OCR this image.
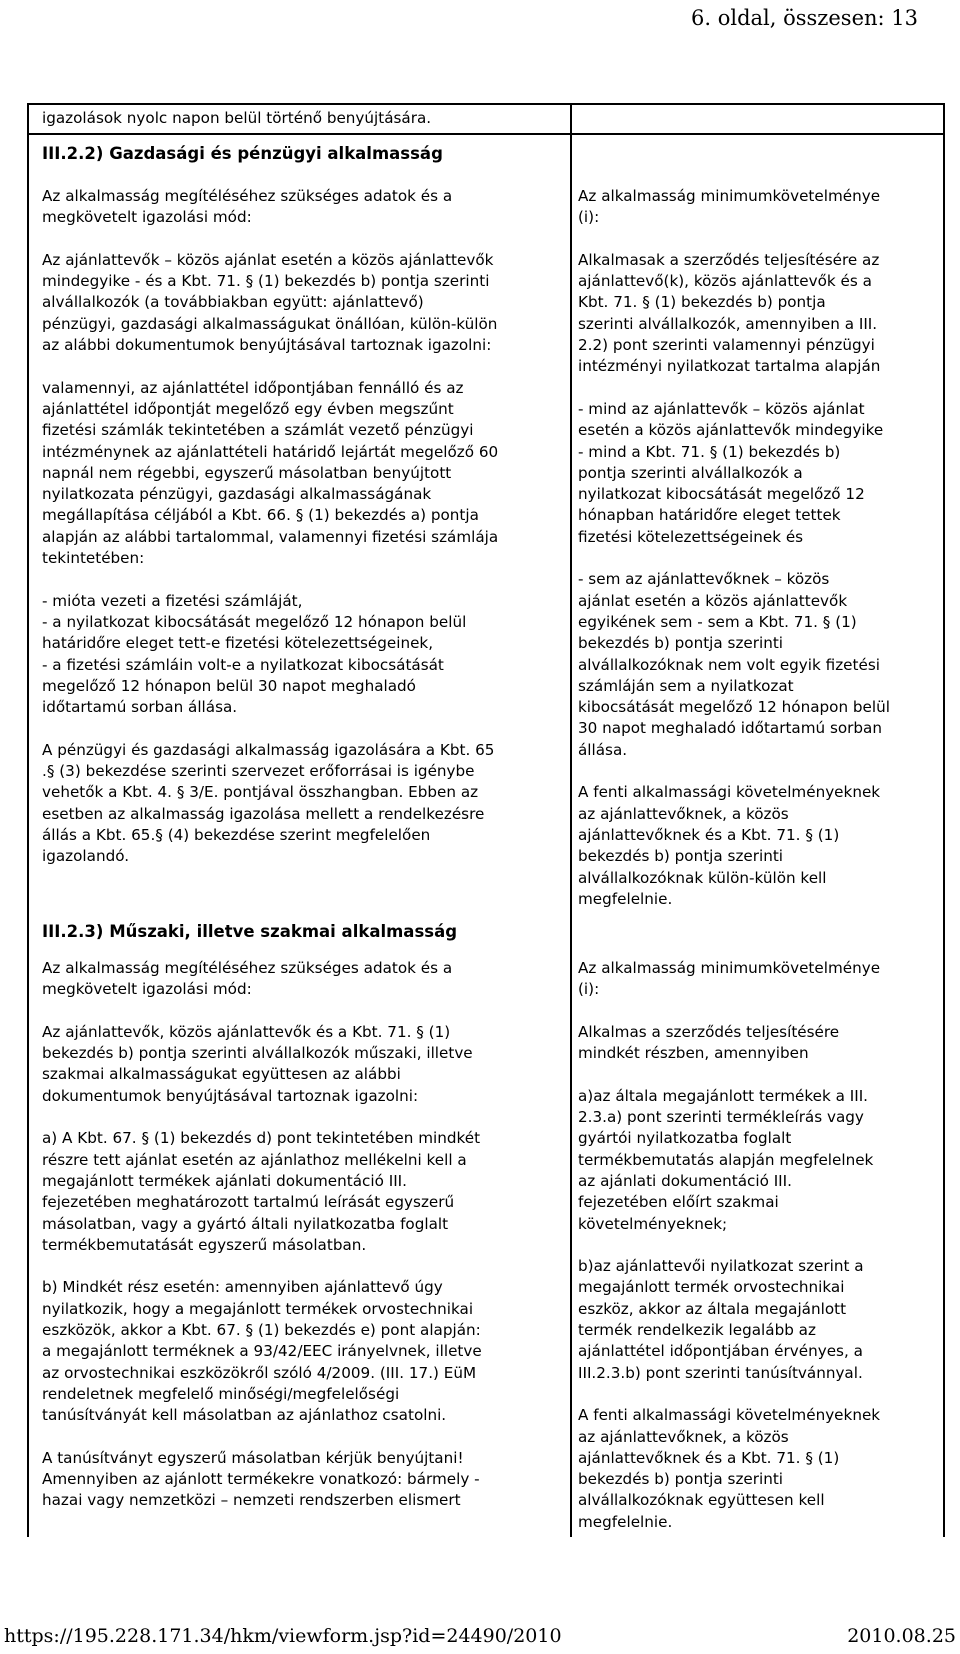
6. oldal, összesen: 13

igazolások nyolc napon belül történő benyújtására.

III.2.2) Gazdasági és pénzügyi alkalmasság

Az alkalmasság megítéléséhez szükséges adatok és a

megkövetelt igazolási mód:

Az ajánlattevők – közös ajánlat esetén a közös ajánlattevők

mindegyike - és a Kbt. 71. § (1) bekezdés b) pontja szerinti

alvállalkozók (a továbbiakban együtt: ajánlattevő)

pénzügyi, gazdasági alkalmasságukat önállóan, külön-külön

az alábbi dokumentumok benyújtásával tartoznak igazolni:

valamennyi, az ajánlattétel időpontjában fennálló és az

ajánlattétel időpontját megelőző egy évben megszűnt

fizetési számlák tekintetében a számlát vezető pénzügyi

intézménynek az ajánlattételi határidő lejártát megelőző 60

napnál nem régebbi, egyszerű másolatban benyújtott

nyilatkozata pénzügyi, gazdasági alkalmasságának

megállapítása céljából a Kbt. 66. § (1) bekezdés a) pontja

alapján az alábbi tartalommal, valamennyi fizetési számlája

tekintetében:

- mióta vezeti a fizetési számláját,

- a nyilatkozat kibocsátását megelőző 12 hónapon belül

határidőre eleget tett-e fizetési kötelezettségeinek,

- a fizetési számláin volt-e a nyilatkozat kibocsátását

megelőző 12 hónapon belül 30 napot meghaladó

időtartamú sorban állása.

A pénzügyi és gazdasági alkalmasság igazolására a Kbt. 65

.§ (3) bekezdése szerinti szervezet erőforrásai is igénybe

vehetők a Kbt. 4. § 3/E. pontjával összhangban. Ebben az

esetben az alkalmasság igazolása mellett a rendelkezésre

állás a Kbt. 65.§ (4) bekezdése szerint megfelelően

igazolandó.

Az alkalmasság minimumkövetelménye

(i):

Alkalmasak a szerződés teljesítésére az

ajánlattevő(k), közös ajánlattevők és a

Kbt. 71. § (1) bekezdés b) pontja

szerinti alvállalkozók, amennyiben a III.

2.2) pont szerinti valamennyi pénzügyi

intézményi nyilatkozat tartalma alapján

- mind az ajánlattevők – közös ajánlat

esetén a közös ajánlattevők mindegyike

- mind a Kbt. 71. § (1) bekezdés b)

pontja szerinti alvállalkozók a

nyilatkozat kibocsátását megelőző 12

hónapban határidőre eleget tettek

fizetési kötelezettségeinek és

- sem az ajánlattevőknek – közös

ajánlat esetén a közös ajánlattevők

egyikének sem - sem a Kbt. 71. § (1)

bekezdés b) pontja szerinti

alvállalkozóknak nem volt egyik fizetési

számláján sem a nyilatkozat

kibocsátását megelőző 12 hónapon belül

30 napot meghaladó időtartamú sorban

állása.

A fenti alkalmassági követelményeknek

az ajánlattevőknek, a közös

ajánlattevőknek és a Kbt. 71. § (1)

bekezdés b) pontja szerinti

alvállalkozóknak külön-külön kell

megfelelnie.

III.2.3) Műszaki, illetve szakmai alkalmasság

Az alkalmasság megítéléséhez szükséges adatok és a

megkövetelt igazolási mód:

Az ajánlattevők, közös ajánlattevők és a Kbt. 71. § (1)

bekezdés b) pontja szerinti alvállalkozók műszaki, illetve

szakmai alkalmasságukat együttesen az alábbi

dokumentumok benyújtásával tartoznak igazolni:

a) A Kbt. 67. § (1) bekezdés d) pont tekintetében mindkét

részre tett ajánlat esetén az ajánlathoz mellékelni kell a

megajánlott termékek ajánlati dokumentáció III.

fejezetében meghatározott tartalmú leírását egyszerű

másolatban, vagy a gyártó általi nyilatkozatba foglalt

termékbemutatását egyszerű másolatban.

b) Mindkét rész esetén: amennyiben ajánlattevő úgy

nyilatkozik, hogy a megajánlott termékek orvostechnikai

eszközök, akkor a Kbt. 67. § (1) bekezdés e) pont alapján:

a megajánlott terméknek a 93/42/EEC irányelvnek, illetve

az orvostechnikai eszközökről szóló 4/2009. (III. 17.) EüM

rendeletnek megfelelő minőségi/megfelelőségi

tanúsítványát kell másolatban az ajánlathoz csatolni.

A tanúsítványt egyszerű másolatban kérjük benyújtani!

Amennyiben az ajánlott termékekre vonatkozó: bármely -

hazai vagy nemzetközi – nemzeti rendszerben elismert

Az alkalmasság minimumkövetelménye

(i):

Alkalmas a szerződés teljesítésére

mindkét részben, amennyiben

a)az általa megajánlott termékek a III.

2.3.a) pont szerinti termékleírás vagy

gyártói nyilatkozatba foglalt

termékbemutatás alapján megfelelnek

az ajánlati dokumentáció III.

fejezetében előírt szakmai

követelményeknek;

b)az ajánlattevői nyilatkozat szerint a

megajánlott termék orvostechnikai

eszköz, akkor az általa megajánlott

termék rendelkezik legalább az

ajánlattétel időpontjában érvényes, a

III.2.3.b) pont szerinti tanúsítvánnyal.

A fenti alkalmassági követelményeknek

az ajánlattevőknek, a közös

ajánlattevőknek és a Kbt. 71. § (1)

bekezdés b) pontja szerinti

alvállalkozóknak együttesen kell

megfelelnie.

https://195.228.171.34/hkm/viewform.jsp?id=24490/2010	2010.08.25
